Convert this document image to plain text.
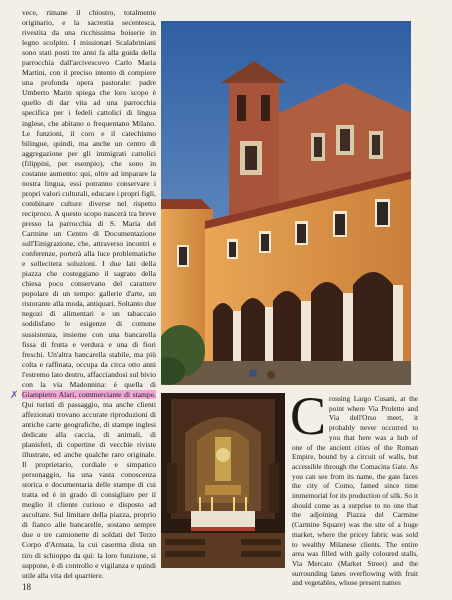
vece, rimane il chiostro, totalmente originario, e la sacrestia secentesca, rivestita da una ricchissima boiserie in legno scolpito. I missionari Scalabriniani sono stati posti tre anni fa alla guida della parrocchia dall'arcivescovo Carlo Maria Martini, con il preciso intento di compiere una profonda opera pastorale: padre Umberto Marin spiega che loro scopo è quello di dar vita ad una parrocchia specifica per i fedeli cattolici di lingua inglese, che abitano o frequentano Milano. Le funzioni, il coro e il catechismo bilingue, quindi, ma anche un centro di aggregazione per gli immigrati cattolici (filippini, per esempio), che sono in costante aumento: qui, oltre ad imparare la nostra lingua, essi potranno conservare i propri valori culturali, educare i propri figli, combinare culture diverse nel rispetto reciproco. A questo scopo nascerà tra breve presso la parrocchia di S. Maria del Carmine un Centro di Documentazione sull'Emigrazione, che, attraverso incontri e conferenze, porterà alla luce problematiche e sollecitera soluzioni. I due lati della piazza che costeggiano il sagrato della chiesa poco conservano del carattere popolare di un tempo: gallerie d'arte, un ristorante alla moda, antiquari. Soltanto due negozi di alimentari e un tabaccaio soddisfano le esigenze di comune sussistenza, insieme con una bancarella fissa di frutta e verdura e una di fiori freschi. Un'altra bancarella stabile, ma più colta e raffinata, occupa da circa otto anni l'estremo lato destro, affacciandosi sul bivio con la via Madonnina: è quella di Giampietro Alari, commerciante di stampe. Qui turisti di passaggio, ma anche clienti affezionati trovano accurate riproduzioni di antiche carte geografiche, di stampe inglesi dedicate alla caccia, di animali, di planisferi, di copertine di vecchie riviste illustrate, ed anche qualche raro originale. Il proprietario, cordiale e simpatico personaggio, ha una vasta conoscenza storica e documentaria delle stampe di cui tratta ed è in grado di consigliare per il meglio il cliente curioso e disposto ad ascoltare. Sul limitare della piazza, proprio di fianco alle bancarelle, sostano sempre due o tre camionette di soldati del Terzo Corpo d'Armata, la cui caserma dista un tiro di schioppo da qui: la loro funzione, si suppone, è di controllo e vigilanza e quindi utile alla vita del quartiere.

✗	C rossing Largo Cusani, at the point where Via Proletto and Via dell'Orso meet, it probably never occurred to you that here was a hub of one of the ancient cities of the Roman Empire, bound by a circuit of walls, but accessible through the Comacina Gate. As you can see from its name, the gate faces the city of Como, famed since time immemorial for its production of silk. So it should come as a surprise to no one that the adjoining Piazza del Carmine (Carmine Square) was the site of a huge market, where the pricey fabric was sold to wealthy Milanese clients. The entire area was filled with gaily coloured stalls, Via Mercato (Market Street) and the surrounding lanes overflowing with fruit and vegetables, whose present names

18
